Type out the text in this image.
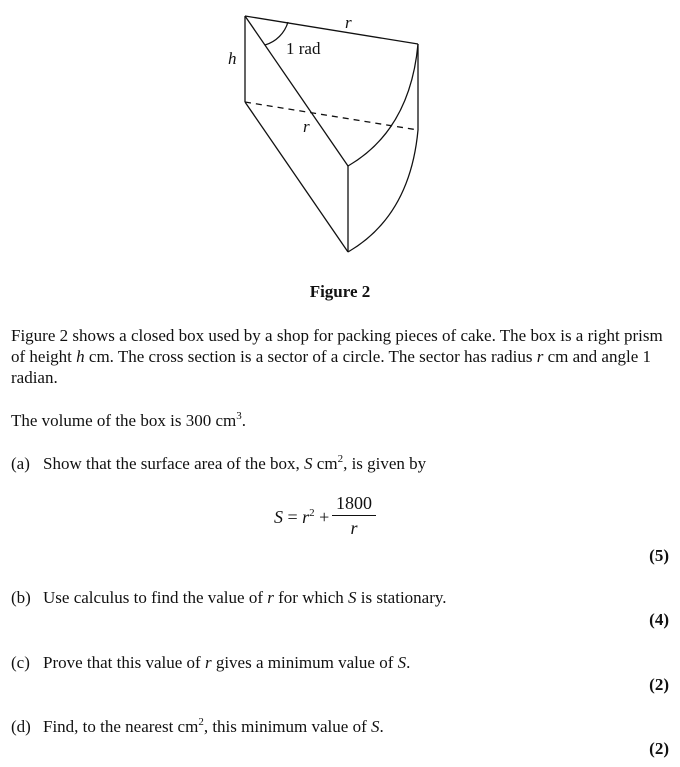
r
1 rad
h
r
Figure 2

Figure 2 shows a closed box used by a shop for packing pieces of cake. The box is a right prism of height h cm. The cross section is a sector of a circle. The sector has radius r cm and angle 1 radian.

The volume of the box is 300 $cm^3$.

(a) Show that the surface area of the box, S $cm^2$, is given by
$S = r^2$ +
1800
r
(5)
(b) Use calculus to find the value of r for which S is stationary.
(4)
(c) Prove that this value of r gives a minimum value of S.
(2)
(d) Find, to the nearest $cm^2$, this minimum value of S.
(2)
